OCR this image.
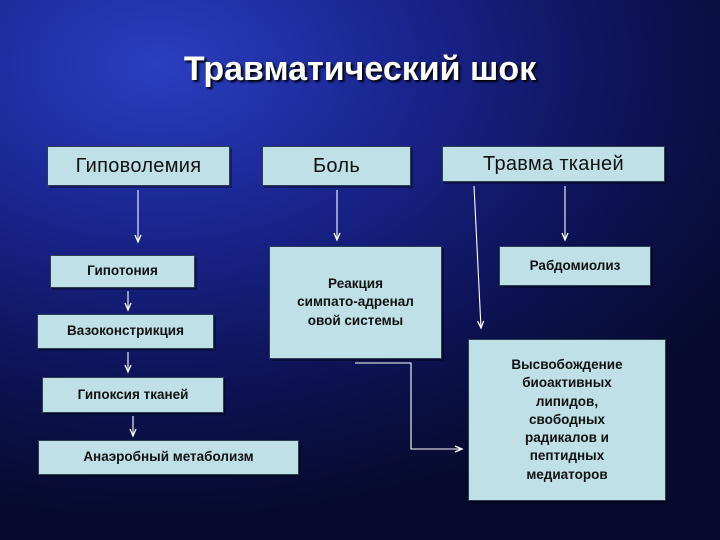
Травматический шок
Гиповолемия	Боль	Травма тканей
Гипотония
Вазоконстрикция
Гипоксия тканей
Анаэробный метаболизм
Реакция
симпато-адренал
овой системы
Рабдомиолиз
Высвобождение
биоактивных
липидов,
свободных
радикалов и
пептидных
медиаторов
